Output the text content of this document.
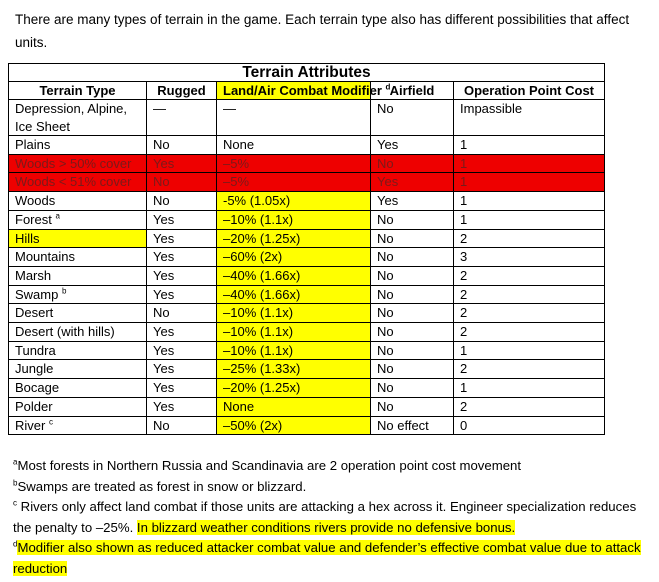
There are many types of terrain in the game. Each terrain type also has different possibilities that affect units.
Terrain Attributes				
Terrain Type	Rugged	Land/Air Combat Modifier $^d$	Airfield	Operation Point Cost
Depression, Alpine, Ice Sheet	—	—	No	Impassible
Plains	No	None	Yes	1
Woods > 50% cover	Yes	–5%	No	1
Woods < 51% cover	No	–5%	Yes	1
Woods	No	-5% (1.05x)	Yes	1
Forest $^a$	Yes	–10% (1.1x)	No	1
Hills	Yes	–20% (1.25x)	No	2
Mountains	Yes	–60% (2x)	No	3
Marsh	Yes	–40% (1.66x)	No	2
Swamp $^b$	Yes	–40% (1.66x)	No	2
Desert	No	–10% (1.1x)	No	2
Desert (with hills)	Yes	–10% (1.1x)	No	2
Tundra	Yes	–10% (1.1x)	No	1
Jungle	Yes	–25% (1.33x)	No	2
Bocage	Yes	–20% (1.25x)	No	1
Polder	Yes	None	No	2
River $^c$	No	–50% (2x)	No effect	0

$^a$Most forests in Northern Russia and Scandinavia are 2 operation point cost movement

$^b$Swamps are treated as forest in snow or blizzard.

$^c$ Rivers only affect land combat if those units are attacking a hex across it. Engineer specialization reduces the penalty to –25%. In blizzard weather conditions rivers provide no defensive bonus.

$^d$Modifier also shown as reduced attacker combat value and defender’s effective combat value due to attack reduction
